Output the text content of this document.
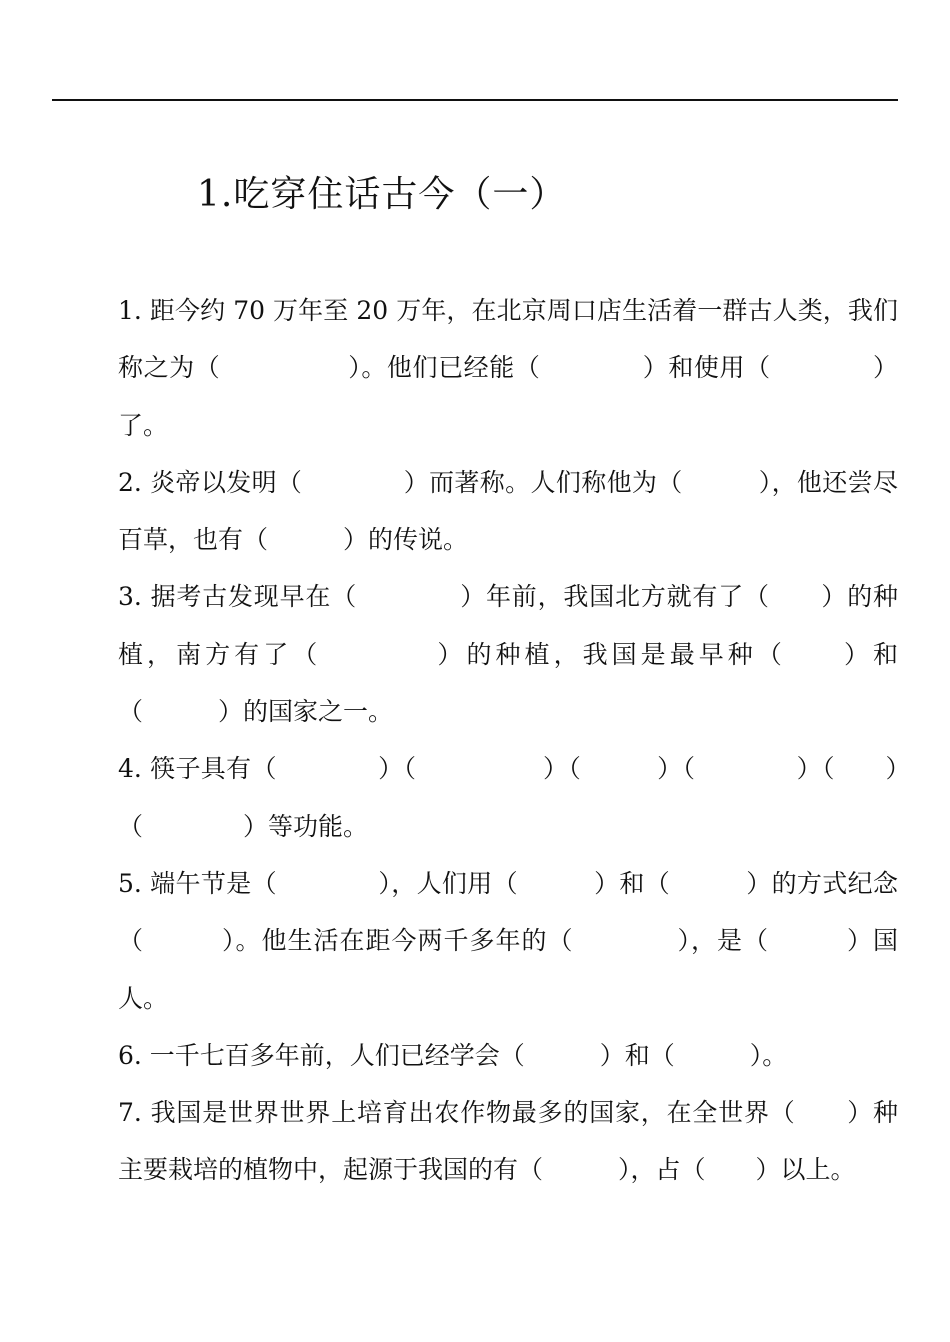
1.吃穿住话古今（一）

1. 距今约 70 万年至 20 万年，在北京周口店生活着一群古人类，我们称之为（　　　　　）。他们已经能（　　　　）和使用（　　　　）了。

2. 炎帝以发明（　　　　）而著称。人们称他为（　　　），他还尝尽百草，也有（　　　）的传说。

3. 据考古发现早在（　　　　）年前，我国北方就有了（　　）的种植，南方有了（　　　　）的种植，我国是最早种（　　）和（　　　）的国家之一。

4. 筷子具有（　　　　）（　　　　　）（　　　）（　　　　）（　　）（　　　　）等功能。

5. 端午节是（　　　　），人们用（　　　）和（　　　）的方式纪念（　　　）。他生活在距今两千多年的（　　　　），是（　　　）国人。

6. 一千七百多年前，人们已经学会（　　　）和（　　　）。

7. 我国是世界世界上培育出农作物最多的国家，在全世界（　　）种主要栽培的植物中，起源于我国的有（　　　），占（　　）以上。
